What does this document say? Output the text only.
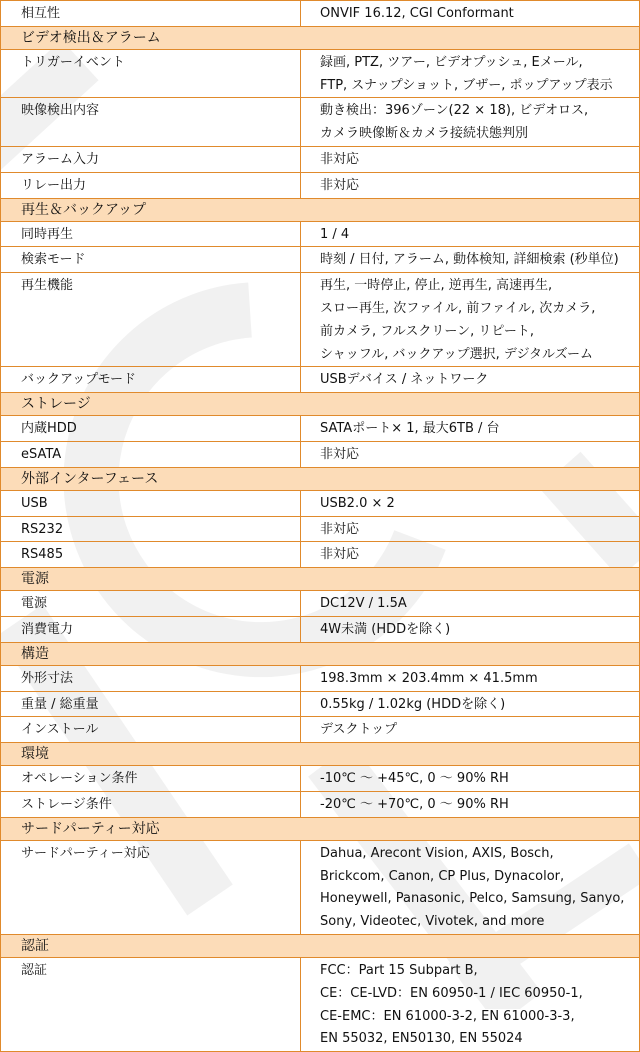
相互性	ONVIF 16.12, CGI Conformant

ビデオ検出＆アラーム	

トリガーイベント	録画, PTZ, ツアー, ビデオプッシュ, Eメール,
FTP, スナップショット, ブザー, ポップアップ表示

映像検出内容	動き検出：396ゾーン(22 × 18), ビデオロス,
カメラ映像断＆カメラ接続状態判別

アラーム入力	非対応

リレー出力	非対応

再生＆バックアップ	

同時再生	1 / 4

検索モード	時刻 / 日付, アラーム, 動体検知, 詳細検索 (秒単位)

再生機能	再生, 一時停止, 停止, 逆再生, 高速再生,
スロー再生, 次ファイル, 前ファイル, 次カメラ,
前カメラ, フルスクリーン, リピート,
シャッフル, バックアップ選択, デジタルズーム

バックアップモード	USBデバイス / ネットワーク

ストレージ	

内蔵HDD	SATAポート× 1, 最大6TB / 台

eSATA	非対応

外部インターフェース	

USB	USB2.0 × 2

RS232	非対応

RS485	非対応

電源	

電源	DC12V / 1.5A

消費電力	4W未満 (HDDを除く)

構造	

外形寸法	198.3mm × 203.4mm × 41.5mm

重量 / 総重量	0.55kg / 1.02kg (HDDを除く)

インストール	デスクトップ

環境	

オペレーション条件	-10℃ ～ +45℃, 0 ～ 90% RH

ストレージ条件	-20℃ ～ +70℃, 0 ～ 90% RH

サードパーティー対応	

サードパーティー対応	Dahua, Arecont Vision, AXIS, Bosch,
Brickcom, Canon, CP Plus, Dynacolor,
Honeywell, Panasonic, Pelco, Samsung, Sanyo,
Sony, Videotec, Vivotek, and more

認証	

認証	FCC：Part 15 Subpart B,
CE：CE-LVD：EN 60950-1 / IEC 60950-1,
CE-EMC：EN 61000-3-2, EN 61000-3-3,
EN 55032, EN50130, EN 55024
